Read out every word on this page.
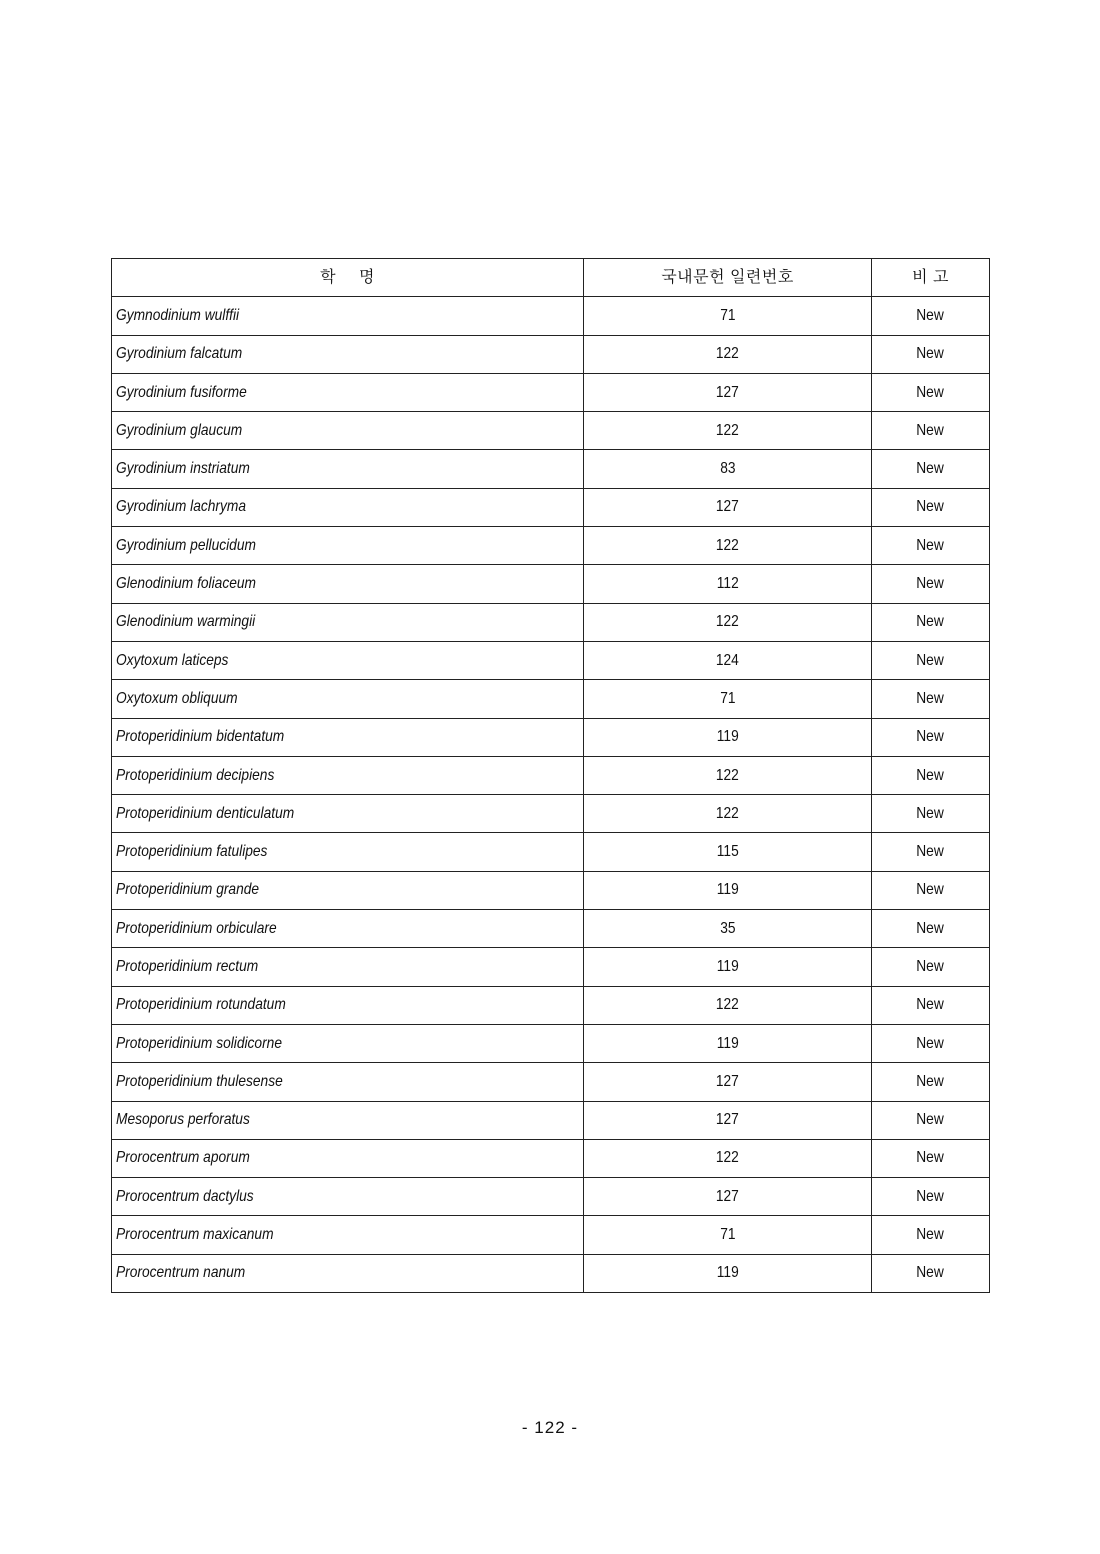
학 명	국내문헌 일련번호	비 고
Gymnodinium wulffii	71	New
Gyrodinium falcatum	122	New
Gyrodinium fusiforme	127	New
Gyrodinium glaucum	122	New
Gyrodinium instriatum	83	New
Gyrodinium lachryma	127	New
Gyrodinium pellucidum	122	New
Glenodinium foliaceum	112	New
Glenodinium warmingii	122	New
Oxytoxum laticeps	124	New
Oxytoxum obliquum	71	New
Protoperidinium bidentatum	119	New
Protoperidinium decipiens	122	New
Protoperidinium denticulatum	122	New
Protoperidinium fatulipes	115	New
Protoperidinium grande	119	New
Protoperidinium orbiculare	35	New
Protoperidinium rectum	119	New
Protoperidinium rotundatum	122	New
Protoperidinium solidicorne	119	New
Protoperidinium thulesense	127	New
Mesoporus perforatus	127	New
Prorocentrum aporum	122	New
Prorocentrum dactylus	127	New
Prorocentrum maxicanum	71	New
Prorocentrum nanum	119	New
- 122 -
